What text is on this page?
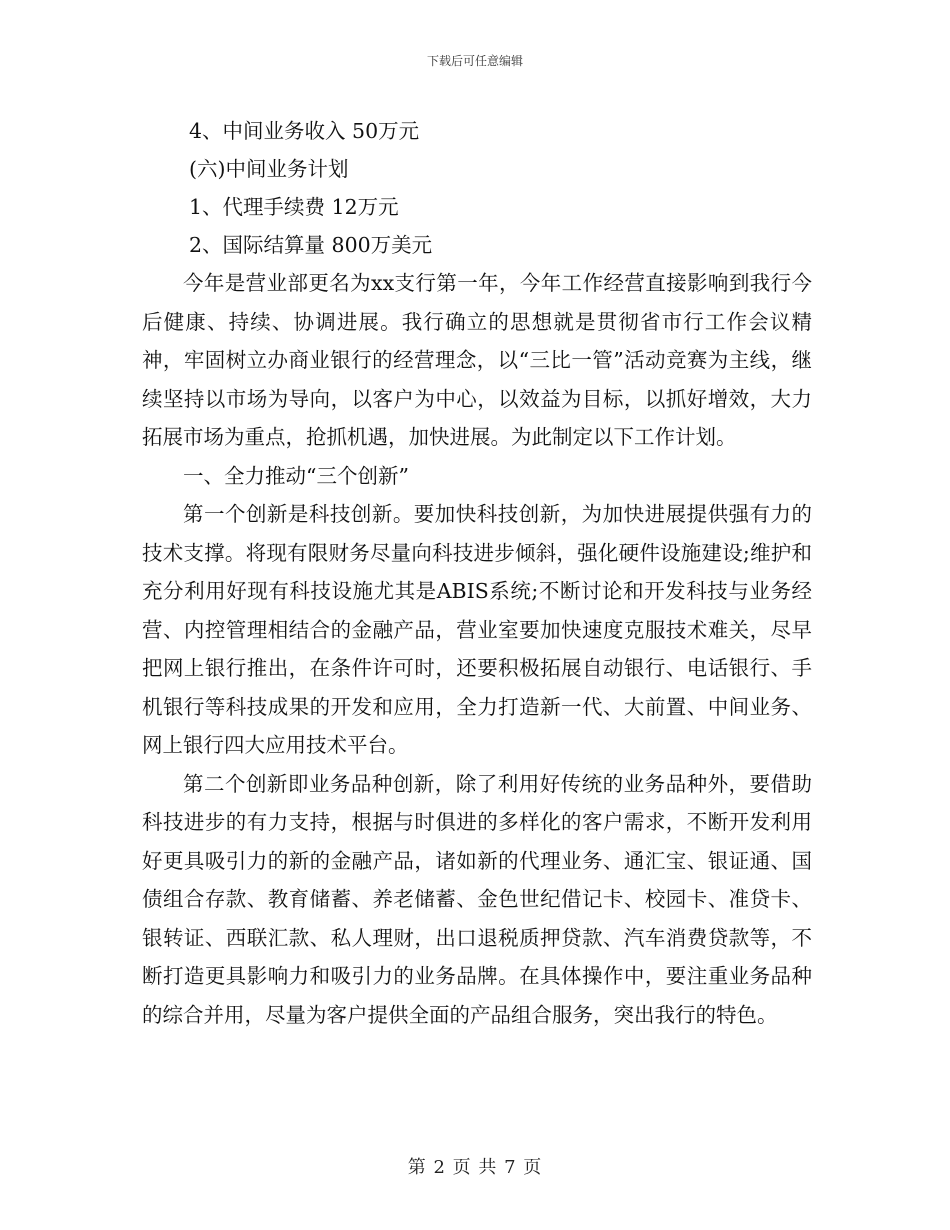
下载后可任意编辑

4、中间业务收入 50万元

(六)中间业务计划

1、代理手续费 12万元

2、国际结算量 800万美元

今年是营业部更名为xx支行第一年，今年工作经营直接影响到我行今后健康、持续、协调进展。我行确立的思想就是贯彻省市行工作会议精神，牢固树立办商业银行的经营理念，以“三比一管”活动竞赛为主线，继续坚持以市场为导向，以客户为中心，以效益为目标，以抓好增效，大力拓展市场为重点，抢抓机遇，加快进展。为此制定以下工作计划。

一、全力推动“三个创新”

第一个创新是科技创新。要加快科技创新，为加快进展提供强有力的技术支撑。将现有限财务尽量向科技进步倾斜，强化硬件设施建设;维护和充分利用好现有科技设施尤其是ABIS系统;不断讨论和开发科技与业务经营、内控管理相结合的金融产品，营业室要加快速度克服技术难关，尽早把网上银行推出，在条件许可时，还要积极拓展自动银行、电话银行、手机银行等科技成果的开发和应用，全力打造新一代、大前置、中间业务、网上银行四大应用技术平台。

第二个创新即业务品种创新，除了利用好传统的业务品种外，要借助科技进步的有力支持，根据与时俱进的多样化的客户需求，不断开发利用好更具吸引力的新的金融产品，诸如新的代理业务、通汇宝、银证通、国债组合存款、教育储蓄、养老储蓄、金色世纪借记卡、校园卡、准贷卡、银转证、西联汇款、私人理财，出口退税质押贷款、汽车消费贷款等，不断打造更具影响力和吸引力的业务品牌。在具体操作中，要注重业务品种的综合并用，尽量为客户提供全面的产品组合服务，突出我行的特色。

第 2 页 共 7 页
